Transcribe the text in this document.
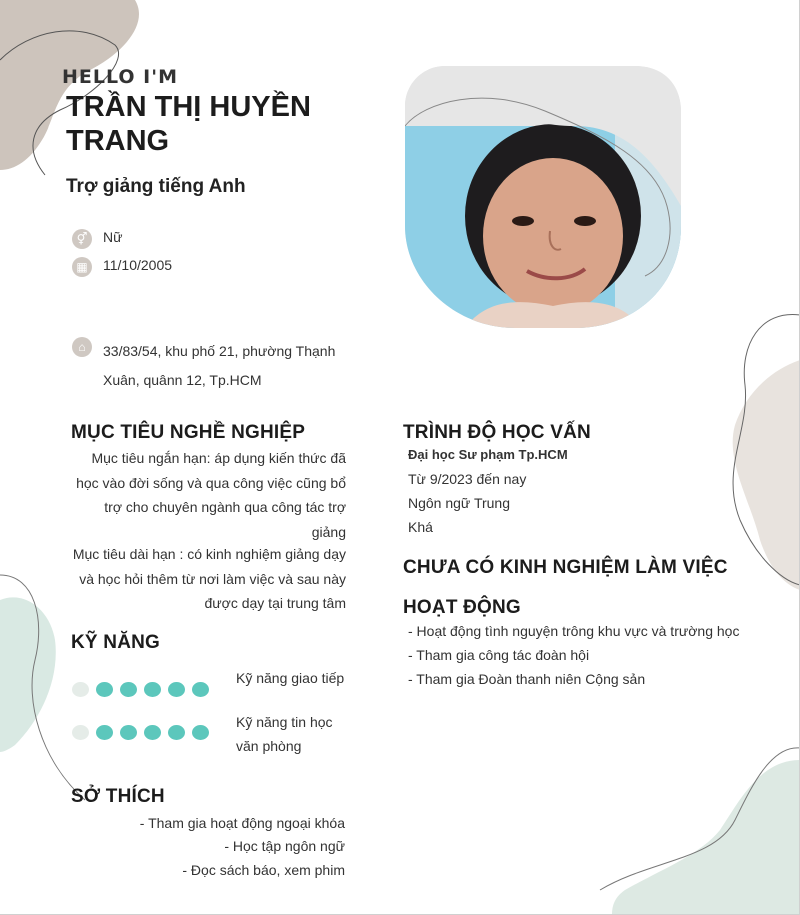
HELLO I'M
TRẦN THỊ HUYỀN TRANG
Trợ giảng tiếng Anh
⚥	Nữ
▦	11/10/2005
⌂	33/83/54, khu phố 21, phường Thạnh Xuân, quânn 12, Tp.HCM
MỤC TIÊU NGHỀ NGHIỆP
Mục tiêu ngắn hạn: áp dụng kiến thức đã học vào đời sống và qua công việc cũng bổ trợ cho chuyên ngành qua công tác trợ giảng
Mục tiêu dài hạn : có kinh nghiệm giảng dạy và học hỏi thêm từ nơi làm việc và sau này được dạy tại trung tâm
KỸ NĂNG
Kỹ năng giao tiếp
Kỹ năng tin học văn phòng
SỞ THÍCH
- Tham gia hoạt động ngoại khóa
- Học tập ngôn ngữ
- Đọc sách báo, xem phim
TRÌNH ĐỘ HỌC VẤN
Đại học Sư phạm Tp.HCM
Từ 9/2023 đến nay
Ngôn ngữ Trung
Khá
CHƯA CÓ KINH NGHIỆM LÀM VIỆC
HOẠT ĐỘNG
- Hoạt động tình nguyện trông khu vực và trường học
- Tham gia công tác đoàn hội
- Tham gia Đoàn thanh niên Cộng sản
